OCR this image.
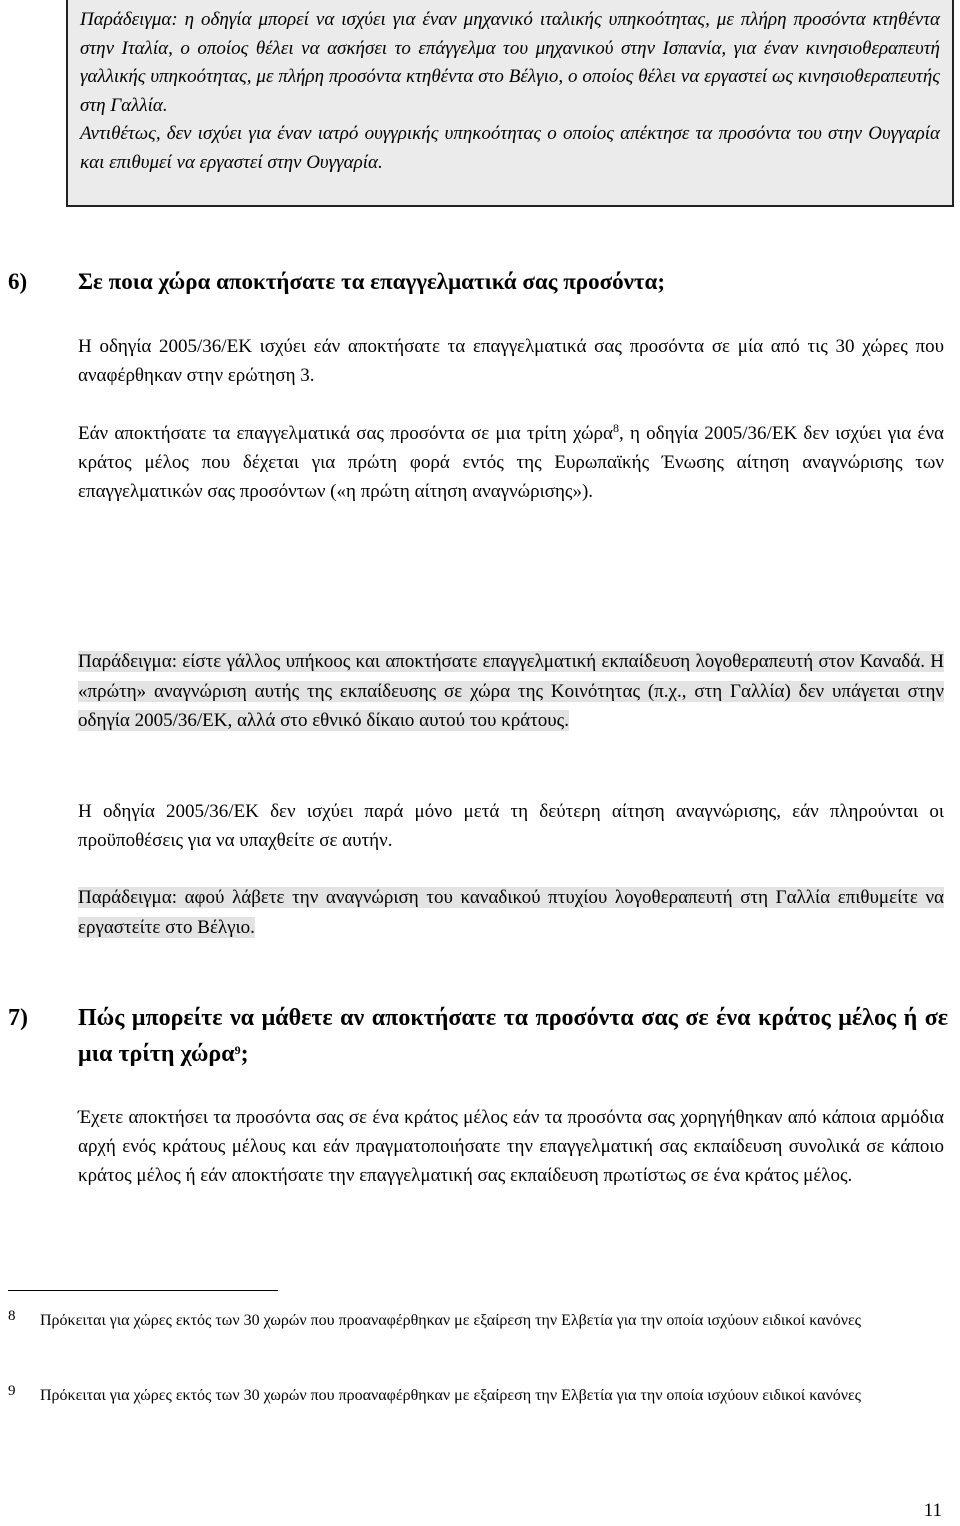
Παράδειγμα: η οδηγία μπορεί να ισχύει για έναν μηχανικό ιταλικής υπηκοότητας, με πλήρη προσόντα κτηθέντα στην Ιταλία, ο οποίος θέλει να ασκήσει το επάγγελμα του μηχανικού στην Ισπανία, για έναν κινησιοθεραπευτή γαλλικής υπηκοότητας, με πλήρη προσόντα κτηθέντα στο Βέλγιο, ο οποίος θέλει να εργαστεί ως κινησιοθεραπευτής στη Γαλλία.

Αντιθέτως, δεν ισχύει για έναν ιατρό ουγγρικής υπηκοότητας ο οποίος απέκτησε τα προσόντα του στην Ουγγαρία και επιθυμεί να εργαστεί στην Ουγγαρία.

6) Σε ποια χώρα αποκτήσατε τα επαγγελματικά σας προσόντα;

Η οδηγία 2005/36/ΕΚ ισχύει εάν αποκτήσατε τα επαγγελματικά σας προσόντα σε μία από τις 30 χώρες που αναφέρθηκαν στην ερώτηση 3.

Εάν αποκτήσατε τα επαγγελματικά σας προσόντα σε μια τρίτη χώρα$^8$, η οδηγία 2005/36/ΕΚ δεν ισχύει για ένα κράτος μέλος που δέχεται για πρώτη φορά εντός της Ευρωπαϊκής Ένωσης αίτηση αναγνώρισης των επαγγελματικών σας προσόντων («η πρώτη αίτηση αναγνώρισης»).

Παράδειγμα: είστε γάλλος υπήκοος και αποκτήσατε επαγγελματική εκπαίδευση λογοθεραπευτή στον Καναδά. Η «πρώτη» αναγνώριση αυτής της εκπαίδευσης σε χώρα της Κοινότητας (π.χ., στη Γαλλία) δεν υπάγεται στην οδηγία 2005/36/ΕΚ, αλλά στο εθνικό δίκαιο αυτού του κράτους.

Η οδηγία 2005/36/ΕΚ δεν ισχύει παρά μόνο μετά τη δεύτερη αίτηση αναγνώρισης, εάν πληρούνται οι προϋποθέσεις για να υπαχθείτε σε αυτήν.

Παράδειγμα: αφού λάβετε την αναγνώριση του καναδικού πτυχίου λογοθεραπευτή στη Γαλλία επιθυμείτε να εργαστείτε στο Βέλγιο.

7) Πώς μπορείτε να μάθετε αν αποκτήσατε τα προσόντα σας σε ένα κράτος μέλος ή σε μια τρίτη χώρα$^9$;

Έχετε αποκτήσει τα προσόντα σας σε ένα κράτος μέλος εάν τα προσόντα σας χορηγήθηκαν από κάποια αρμόδια αρχή ενός κράτους μέλους και εάν πραγματοποιήσατε την επαγγελματική σας εκπαίδευση συνολικά σε κάποιο κράτος μέλος ή εάν αποκτήσατε την επαγγελματική σας εκπαίδευση πρωτίστως σε ένα κράτος μέλος.

8 Πρόκειται για χώρες εκτός των 30 χωρών που προαναφέρθηκαν με εξαίρεση την Ελβετία για την οποία ισχύουν ειδικοί κανόνες
9 Πρόκειται για χώρες εκτός των 30 χωρών που προαναφέρθηκαν με εξαίρεση την Ελβετία για την οποία ισχύουν ειδικοί κανόνες
11
